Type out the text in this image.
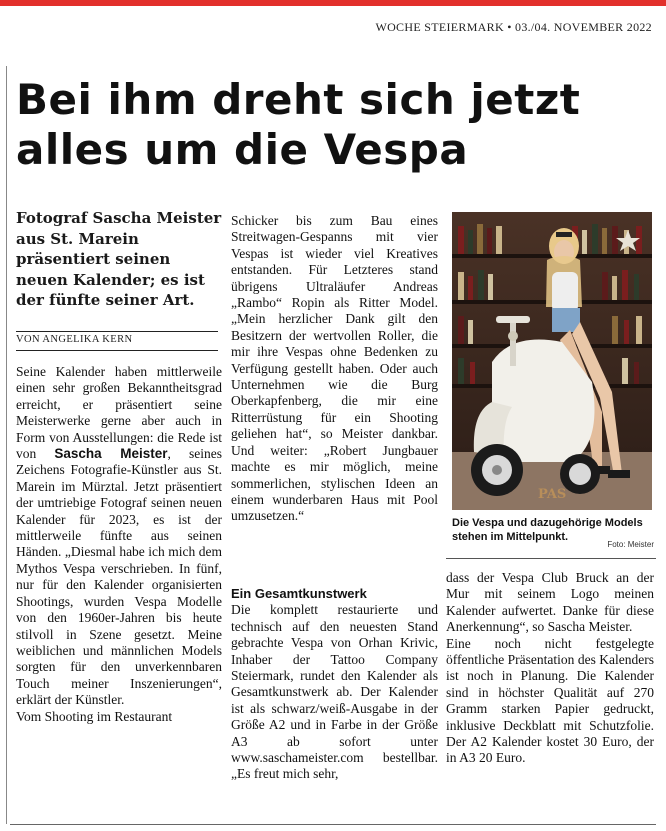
WOCHE STEIERMARK • 03./04. NOVEMBER 2022
Bei ihm dreht sich jetzt
alles um die Vespa

Fotograf Sascha Meister aus St. Marein präsentiert seinen neuen Kalender; es ist der fünfte seiner Art.

VON ANGELIKA KERN

Seine Kalender haben mittlerweile einen sehr großen Bekanntheitsgrad erreicht, er präsentiert seine Meisterwerke gerne aber auch in Form von Ausstellungen: die Rede ist von Sascha Meister, seines Zeichens Fotografie-Künstler aus St. Marein im Mürztal. Jetzt präsentiert der umtriebige Fotograf seinen neuen Kalender für 2023, es ist der mittlerweile fünfte aus seinen Händen. „Diesmal habe ich mich dem Mythos Vespa verschrieben. In fünf, nur für den Kalender organisierten Shootings, wurden Vespa Modelle von den 1960er-Jahren bis heute stilvoll in Szene gesetzt. Meine weiblichen und männlichen Models sorgten für den unverkennbaren Touch meiner Inszenierungen“, erklärt der Künstler.

Vom Shooting im Restaurant

Schicker bis zum Bau eines Streitwagen-Gespanns mit vier Vespas ist wieder viel Kreatives entstanden. Für Letzteres stand übrigens Ultraläufer Andreas „Rambo“ Ropin als Ritter Model. „Mein herzlicher Dank gilt den Besitzern der wertvollen Roller, die mir ihre Vespas ohne Bedenken zu Verfügung gestellt haben. Oder auch Unternehmen wie die Burg Oberkapfenberg, die mir eine Ritterrüstung für ein Shooting geliehen hat“, so Meister dankbar. Und weiter: „Robert Jungbauer machte es mir möglich, meine sommerlichen, stylischen Ideen an einem wunderbaren Haus mit Pool umzusetzen.“

Ein Gesamtkunstwerk

Die komplett restaurierte und technisch auf den neuesten Stand gebrachte Vespa von Orhan Krivic, Inhaber der Tattoo Company Steiermark, rundet den Kalender als Gesamtkunstwerk ab. Der Kalender ist als schwarz/weiß-Ausgabe in der Größe A2 und in Farbe in der Größe A3 ab sofort unter www.saschameister.com bestellbar. „Es freut mich sehr,

PAS

Die Vespa und dazugehörige Models stehen im Mittelpunkt.

Foto: Meister

dass der Vespa Club Bruck an der Mur mit seinem Logo meinen Kalender aufwertet. Danke für diese Anerkennung“, so Sascha Meister.

Eine noch nicht festgelegte öffentliche Präsentation des Kalenders ist noch in Planung. Die Kalender sind in höchster Qualität auf 270 Gramm starken Papier gedruckt, inklusive Deckblatt mit Schutzfolie. Der A2 Kalender kostet 30 Euro, der in A3 20 Euro.
